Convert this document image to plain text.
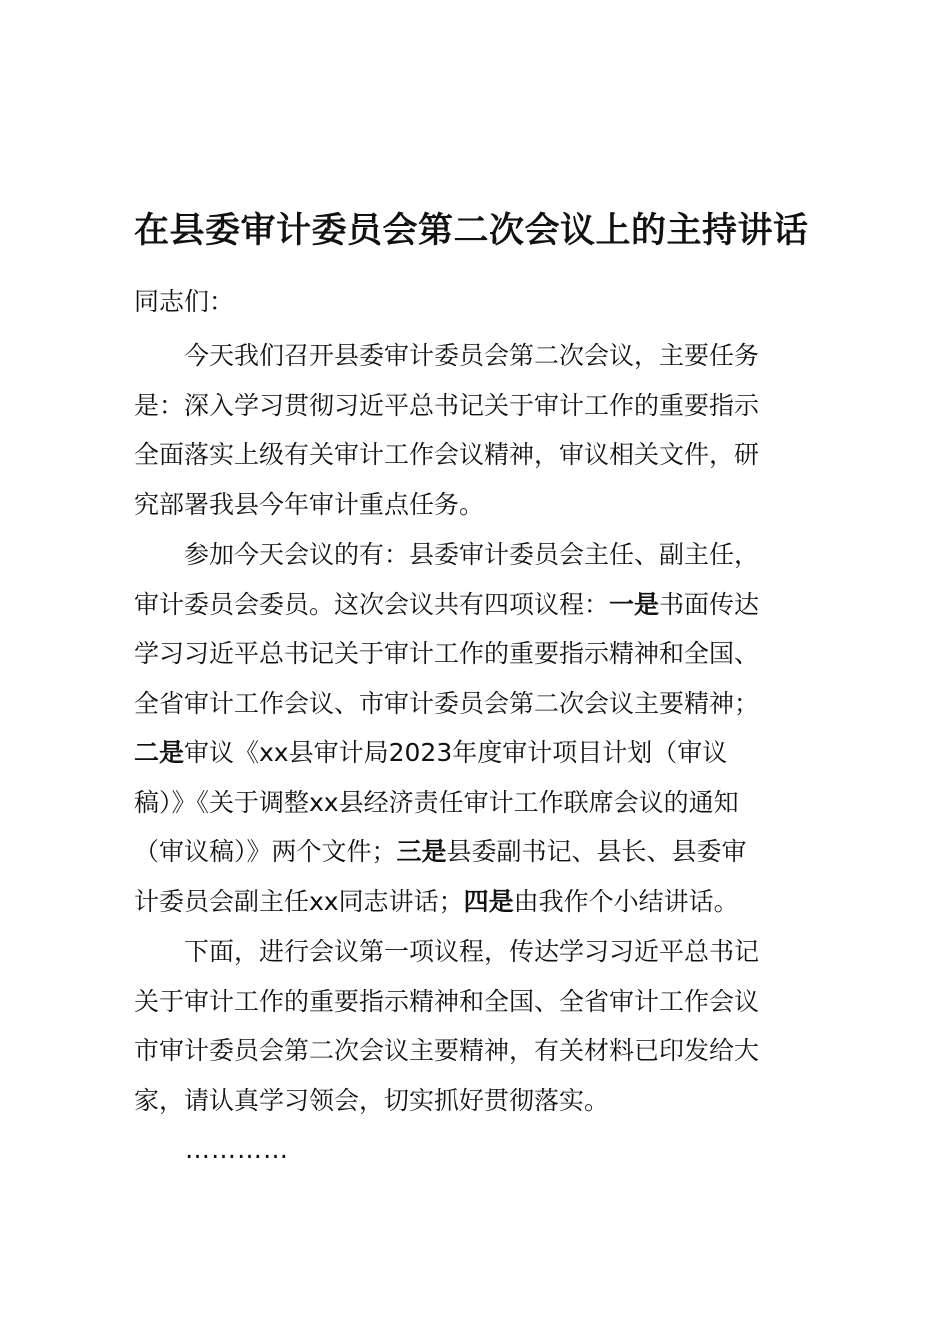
在县委审计委员会第二次会议上的主持讲话
同志们：
今天我们召开县委审计委员会第二次会议，主要任务
是：深入学习贯彻习近平总书记关于审计工作的重要指示
全面落实上级有关审计工作会议精神，审议相关文件，研
究部署我县今年审计重点任务。
参加今天会议的有：县委审计委员会主任、副主任，
审计委员会委员。这次会议共有四项议程：一是书面传达
学习习近平总书记关于审计工作的重要指示精神和全国、
全省审计工作会议、市审计委员会第二次会议主要精神；
二是审议《xx县审计局2023年度审计项目计划（审议
稿）》《关于调整xx县经济责任审计工作联席会议的通知
（审议稿）》两个文件；三是县委副书记、县长、县委审
计委员会副主任xx同志讲话；四是由我作个小结讲话。
下面，进行会议第一项议程，传达学习习近平总书记
关于审计工作的重要指示精神和全国、全省审计工作会议
市审计委员会第二次会议主要精神，有关材料已印发给大
家，请认真学习领会，切实抓好贯彻落实。
…………
